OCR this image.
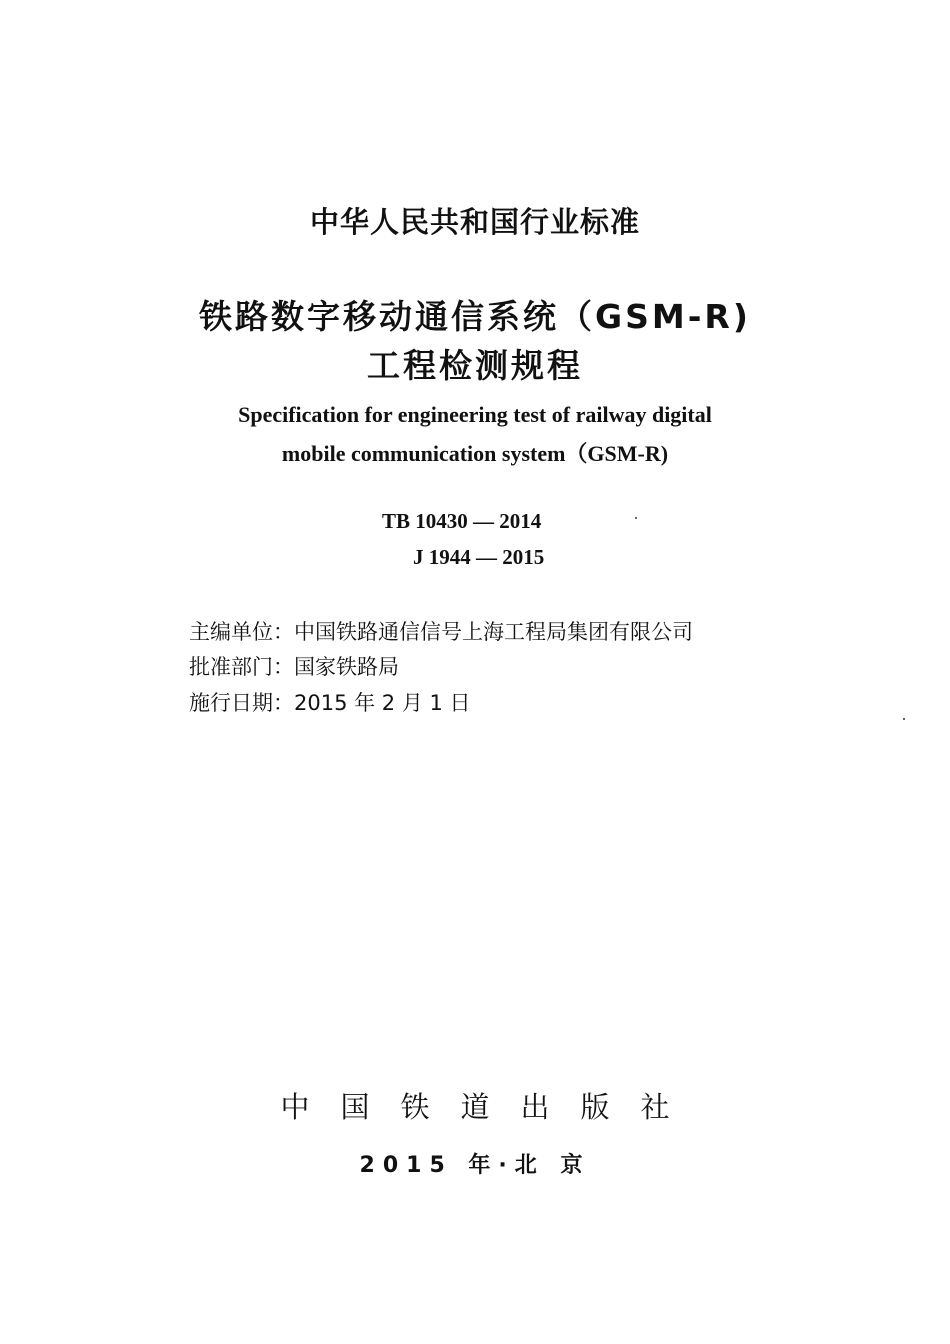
中华人民共和国行业标准
铁路数字移动通信系统（GSM-R)
工程检测规程
Specification for engineering test of railway digital
mobile communication system（GSM-R)
TB 10430 — 2014
J 1944 — 2015
主编单位：中国铁路通信信号上海工程局集团有限公司
批准部门：国家铁路局
施行日期：2015 年 2 月 1 日
中国铁道出版社
2015 年·北 京
